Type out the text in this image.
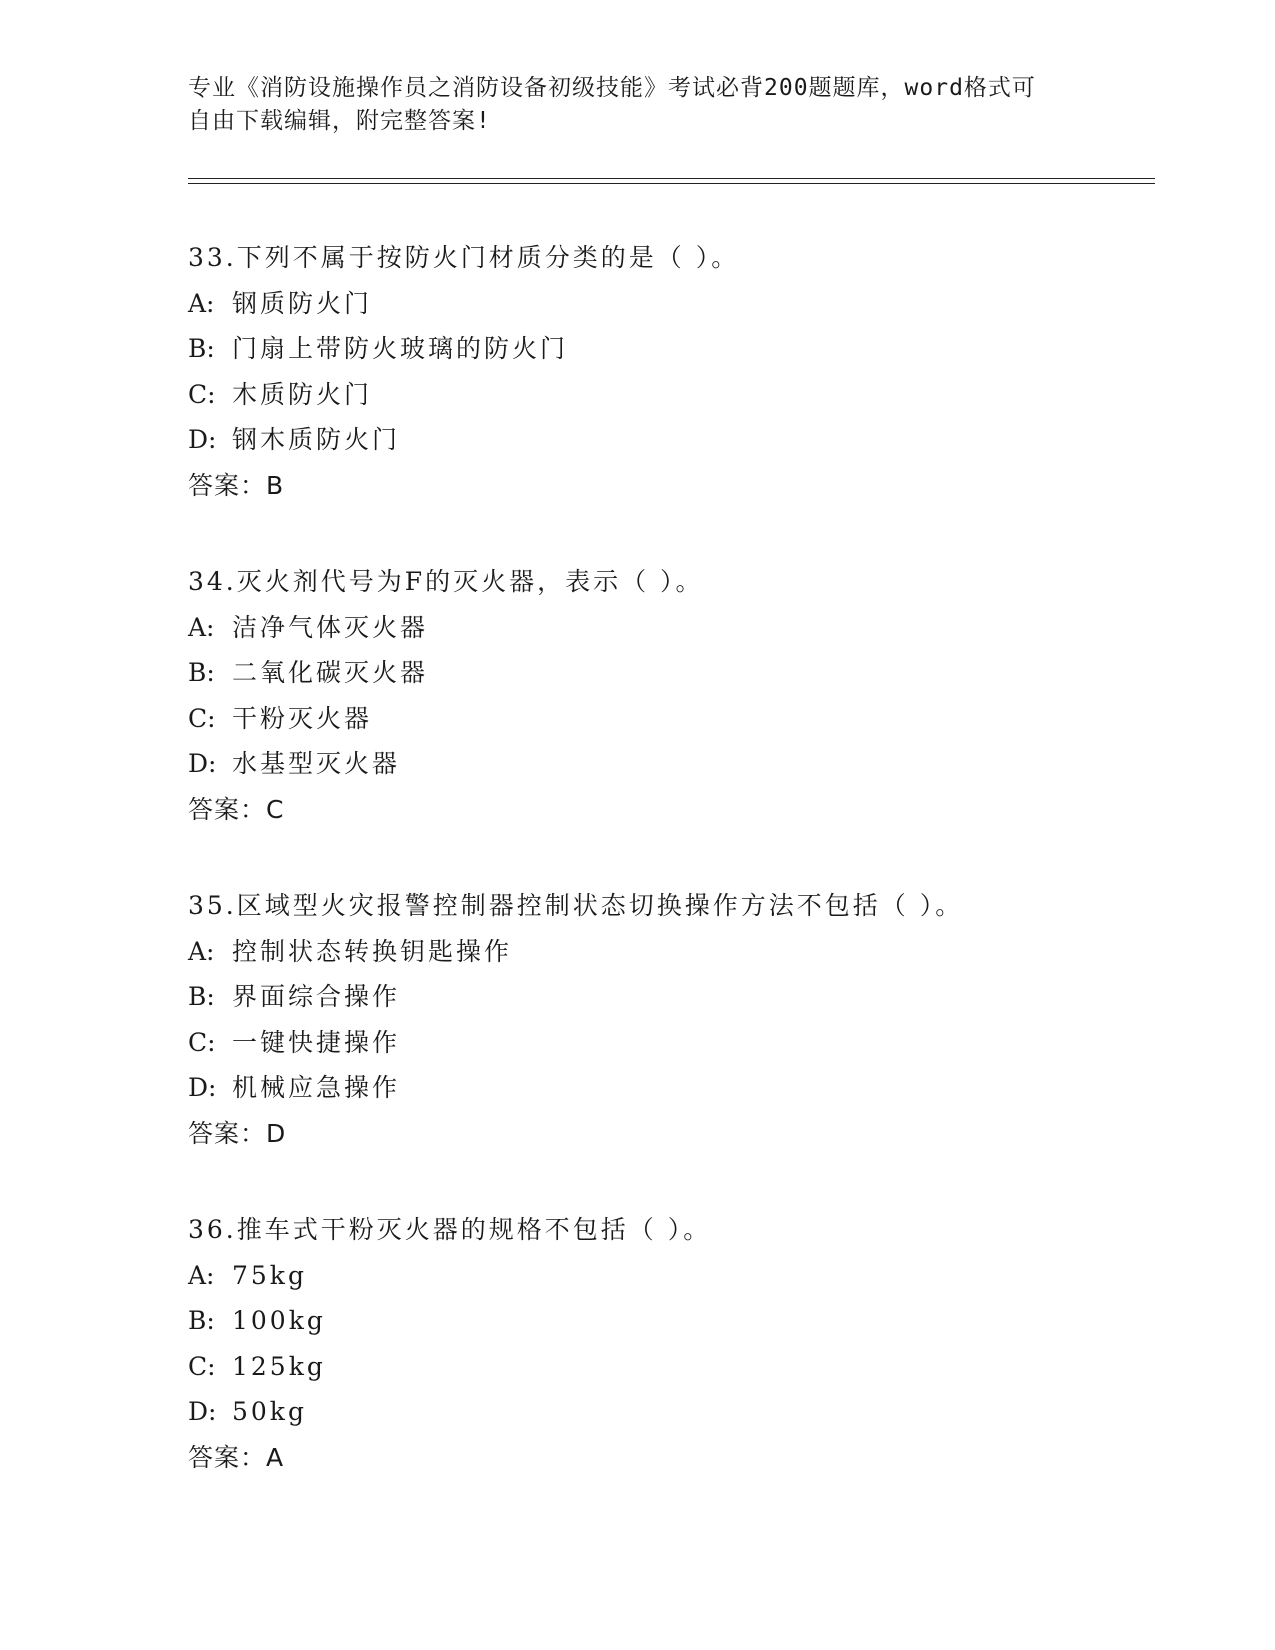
专业《消防设施操作员之消防设备初级技能》考试必背200题题库，word格式可
自由下载编辑，附完整答案!
33.下列不属于按防火门材质分类的是（ ）。
A: 钢质防火门
B: 门扇上带防火玻璃的防火门
C: 木质防火门
D: 钢木质防火门
答案：B
34.灭火剂代号为F的灭火器，表示（ ）。
A: 洁净气体灭火器
B: 二氧化碳灭火器
C: 干粉灭火器
D: 水基型灭火器
答案：C
35.区域型火灾报警控制器控制状态切换操作方法不包括（ ）。
A: 控制状态转换钥匙操作
B: 界面综合操作
C: 一键快捷操作
D: 机械应急操作
答案：D
36.推车式干粉灭火器的规格不包括（ ）。
A: 75kg
B: 100kg
C: 125kg
D: 50kg
答案：A
